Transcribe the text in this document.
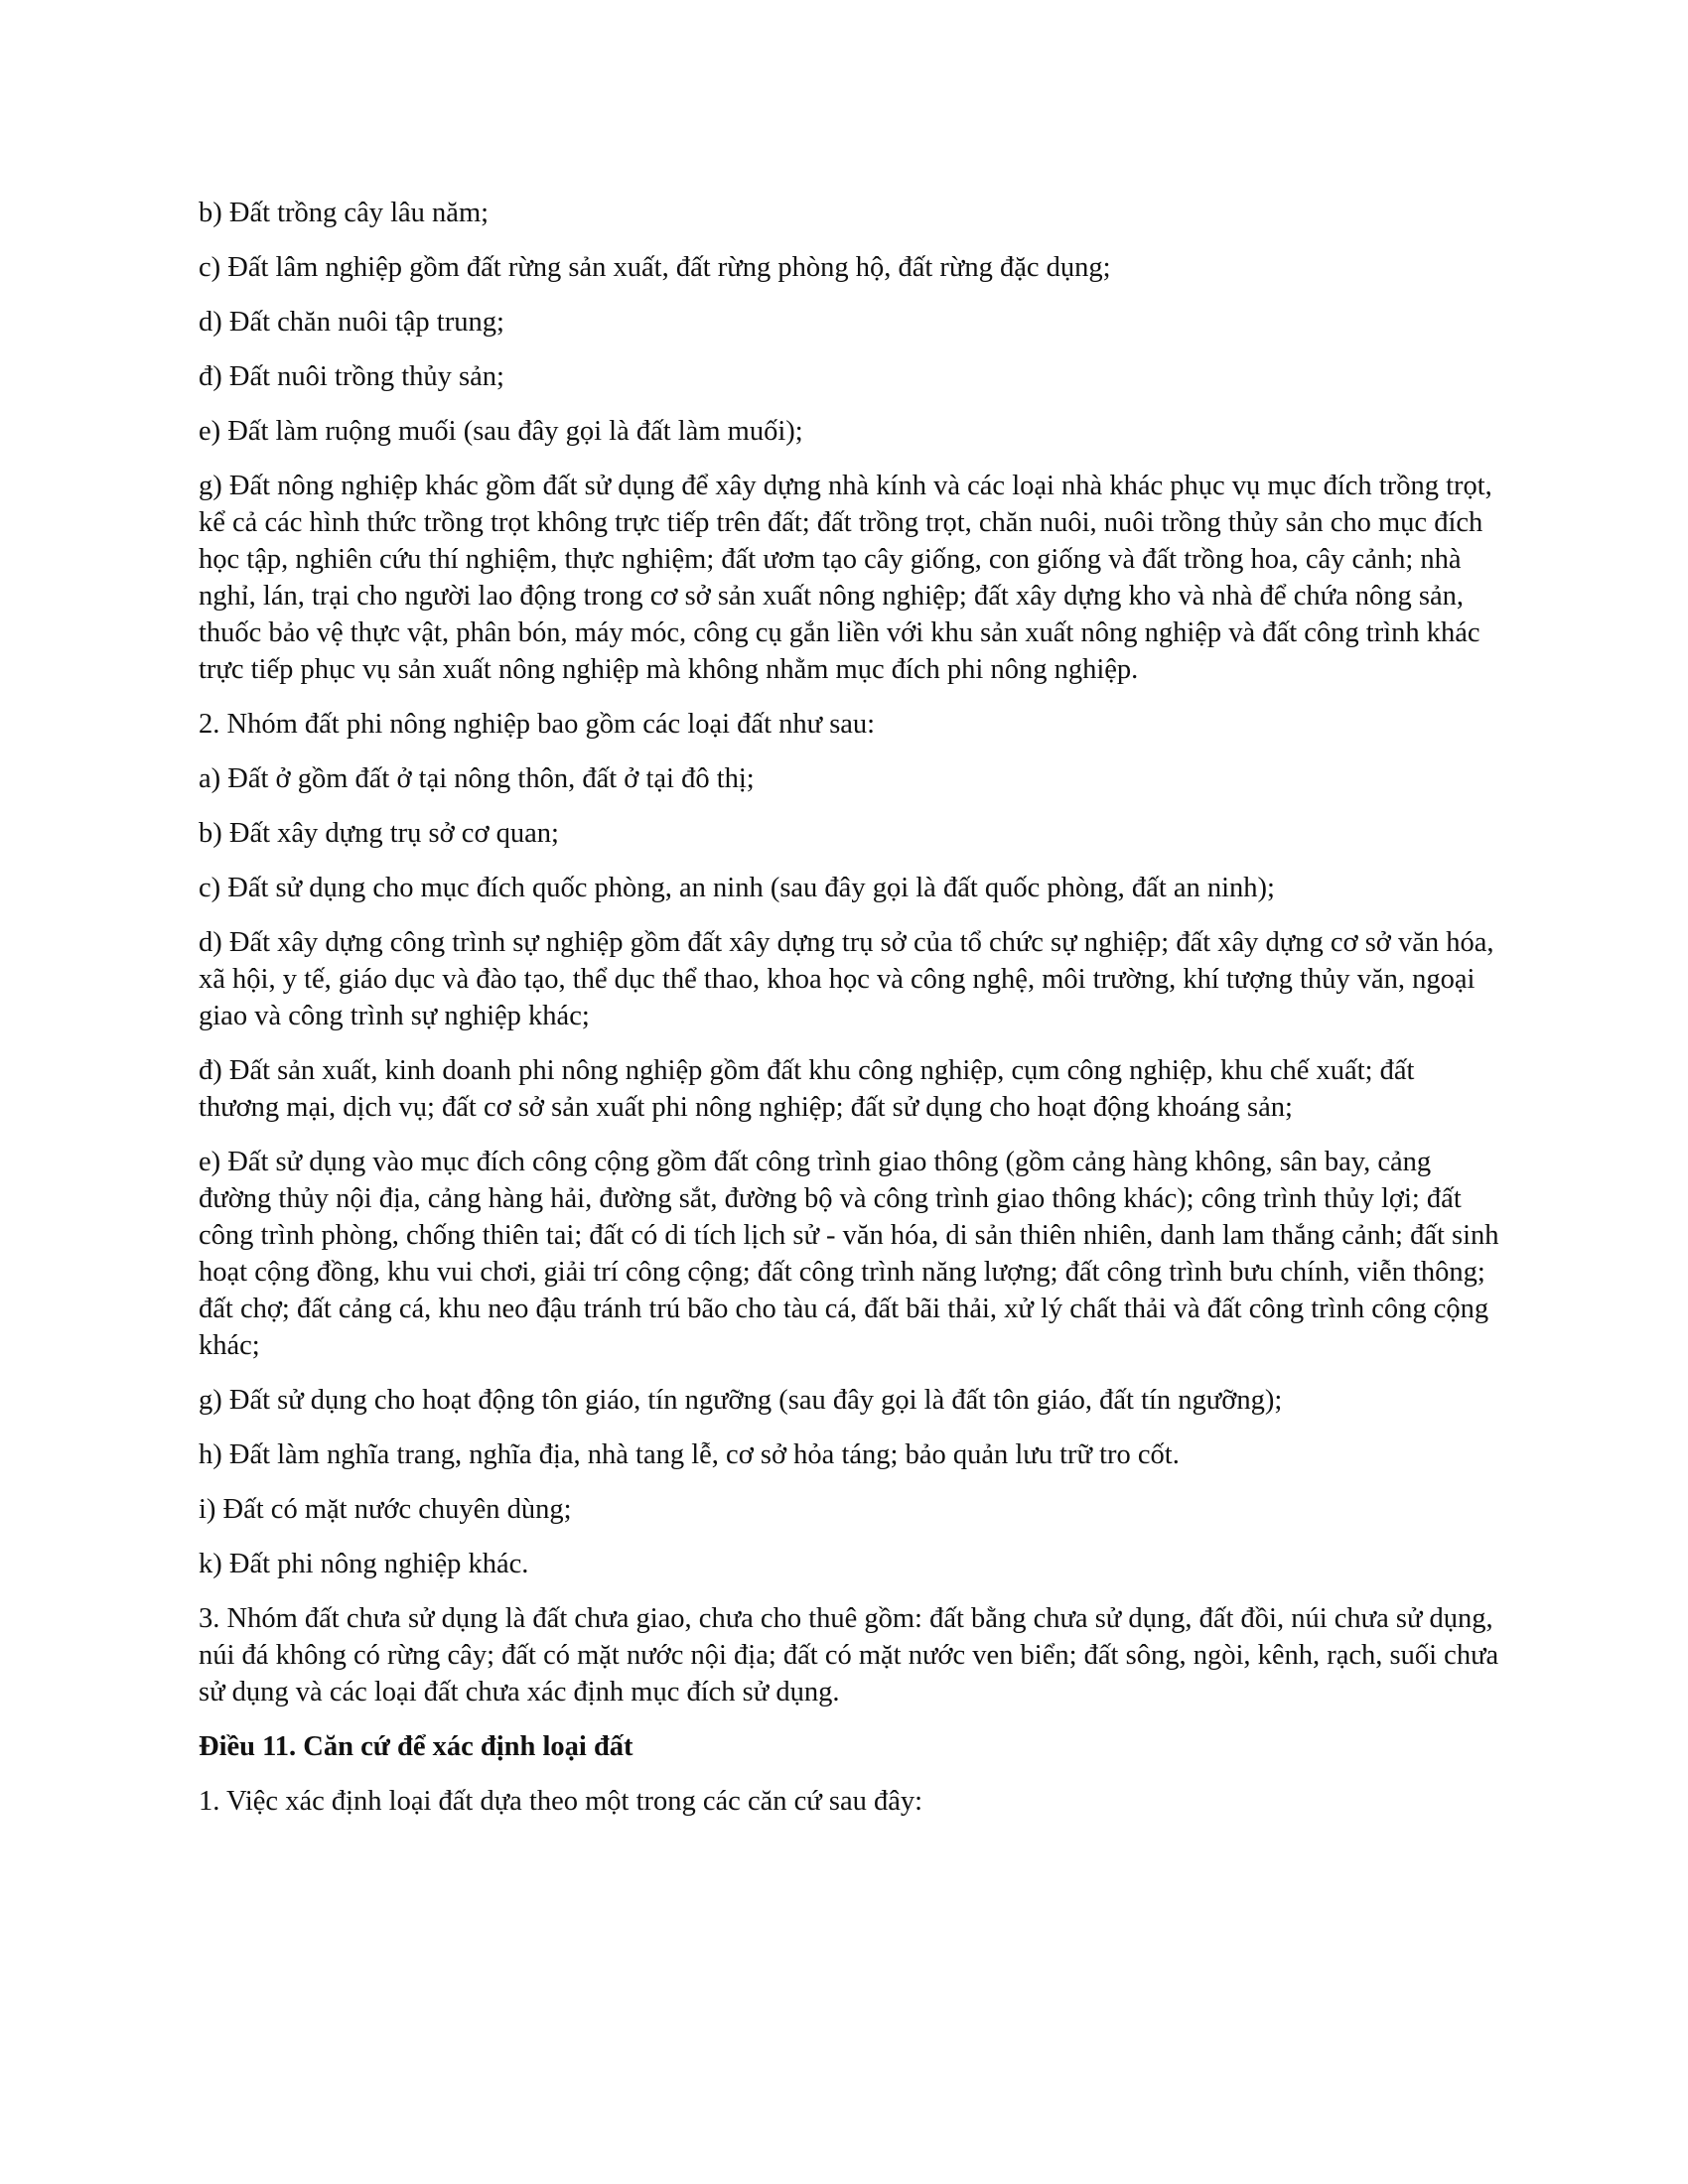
b) Đất trồng cây lâu năm;

c) Đất lâm nghiệp gồm đất rừng sản xuất, đất rừng phòng hộ, đất rừng đặc dụng;

d) Đất chăn nuôi tập trung;

đ) Đất nuôi trồng thủy sản;

e) Đất làm ruộng muối (sau đây gọi là đất làm muối);

g) Đất nông nghiệp khác gồm đất sử dụng để xây dựng nhà kính và các loại nhà khác phục vụ mục đích trồng trọt, kể cả các hình thức trồng trọt không trực tiếp trên đất; đất trồng trọt, chăn nuôi, nuôi trồng thủy sản cho mục đích học tập, nghiên cứu thí nghiệm, thực nghiệm; đất ươm tạo cây giống, con giống và đất trồng hoa, cây cảnh; nhà nghỉ, lán, trại cho người lao động trong cơ sở sản xuất nông nghiệp; đất xây dựng kho và nhà để chứa nông sản, thuốc bảo vệ thực vật, phân bón, máy móc, công cụ gắn liền với khu sản xuất nông nghiệp và đất công trình khác trực tiếp phục vụ sản xuất nông nghiệp mà không nhằm mục đích phi nông nghiệp.

2. Nhóm đất phi nông nghiệp bao gồm các loại đất như sau:

a) Đất ở gồm đất ở tại nông thôn, đất ở tại đô thị;

b) Đất xây dựng trụ sở cơ quan;

c) Đất sử dụng cho mục đích quốc phòng, an ninh (sau đây gọi là đất quốc phòng, đất an ninh);

d) Đất xây dựng công trình sự nghiệp gồm đất xây dựng trụ sở của tổ chức sự nghiệp; đất xây dựng cơ sở văn hóa, xã hội, y tế, giáo dục và đào tạo, thể dục thể thao, khoa học và công nghệ, môi trường, khí tượng thủy văn, ngoại giao và công trình sự nghiệp khác;

đ) Đất sản xuất, kinh doanh phi nông nghiệp gồm đất khu công nghiệp, cụm công nghiệp, khu chế xuất; đất thương mại, dịch vụ; đất cơ sở sản xuất phi nông nghiệp; đất sử dụng cho hoạt động khoáng sản;

e) Đất sử dụng vào mục đích công cộng gồm đất công trình giao thông (gồm cảng hàng không, sân bay, cảng đường thủy nội địa, cảng hàng hải, đường sắt, đường bộ và công trình giao thông khác); công trình thủy lợi; đất công trình phòng, chống thiên tai; đất có di tích lịch sử - văn hóa, di sản thiên nhiên, danh lam thắng cảnh; đất sinh hoạt cộng đồng, khu vui chơi, giải trí công cộng; đất công trình năng lượng; đất công trình bưu chính, viễn thông; đất chợ; đất cảng cá, khu neo đậu tránh trú bão cho tàu cá, đất bãi thải, xử lý chất thải và đất công trình công cộng khác;

g) Đất sử dụng cho hoạt động tôn giáo, tín ngưỡng (sau đây gọi là đất tôn giáo, đất tín ngưỡng);

h) Đất làm nghĩa trang, nghĩa địa, nhà tang lễ, cơ sở hỏa táng; bảo quản lưu trữ tro cốt.

i) Đất có mặt nước chuyên dùng;

k) Đất phi nông nghiệp khác.

3. Nhóm đất chưa sử dụng là đất chưa giao, chưa cho thuê gồm: đất bằng chưa sử dụng, đất đồi, núi chưa sử dụng, núi đá không có rừng cây; đất có mặt nước nội địa; đất có mặt nước ven biển; đất sông, ngòi, kênh, rạch, suối chưa sử dụng và các loại đất chưa xác định mục đích sử dụng.

Điều 11. Căn cứ để xác định loại đất

1. Việc xác định loại đất dựa theo một trong các căn cứ sau đây:
